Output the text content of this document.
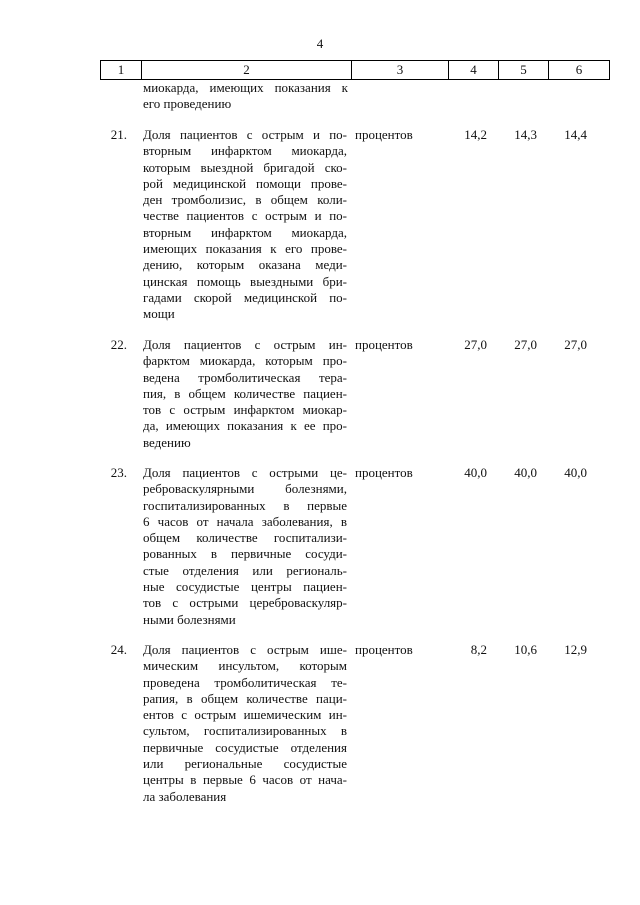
4
1	2	3	4	5	6
миокарда, имеющих показания к
его проведению
21. Доля пациентов с острым и по-
вторным инфарктом миокарда,
которым выездной бригадой ско-
рой медицинской помощи прове-
ден тромболизис, в общем коли-
честве пациентов с острым и по-
вторным инфарктом миокарда,
имеющих показания к его прове-
дению, которым оказана меди-
цинская помощь выездными бри-
гадами скорой медицинской по-
мощи
процентов	14,2	14,3	14,4
22. Доля пациентов с острым ин-
фарктом миокарда, которым про-
ведена тромболитическая тера-
пия, в общем количестве пациен-
тов с острым инфарктом миокар-
да, имеющих показания к ее про-
ведению
процентов	27,0	27,0	27,0
23. Доля пациентов с острыми це-
реброваскулярными болезнями,
госпитализированных в первые
6 часов от начала заболевания, в
общем количестве госпитализи-
рованных в первичные сосуди-
стые отделения или региональ-
ные сосудистые центры пациен-
тов с острыми цереброваскуляр-
ными болезнями
процентов	40,0	40,0	40,0
24. Доля пациентов с острым ише-
мическим инсультом, которым
проведена тромболитическая те-
рапия, в общем количестве паци-
ентов с острым ишемическим ин-
сультом, госпитализированных в
первичные сосудистые отделения
или региональные сосудистые
центры в первые 6 часов от нача-
ла заболевания
процентов	8,2	10,6	12,9
